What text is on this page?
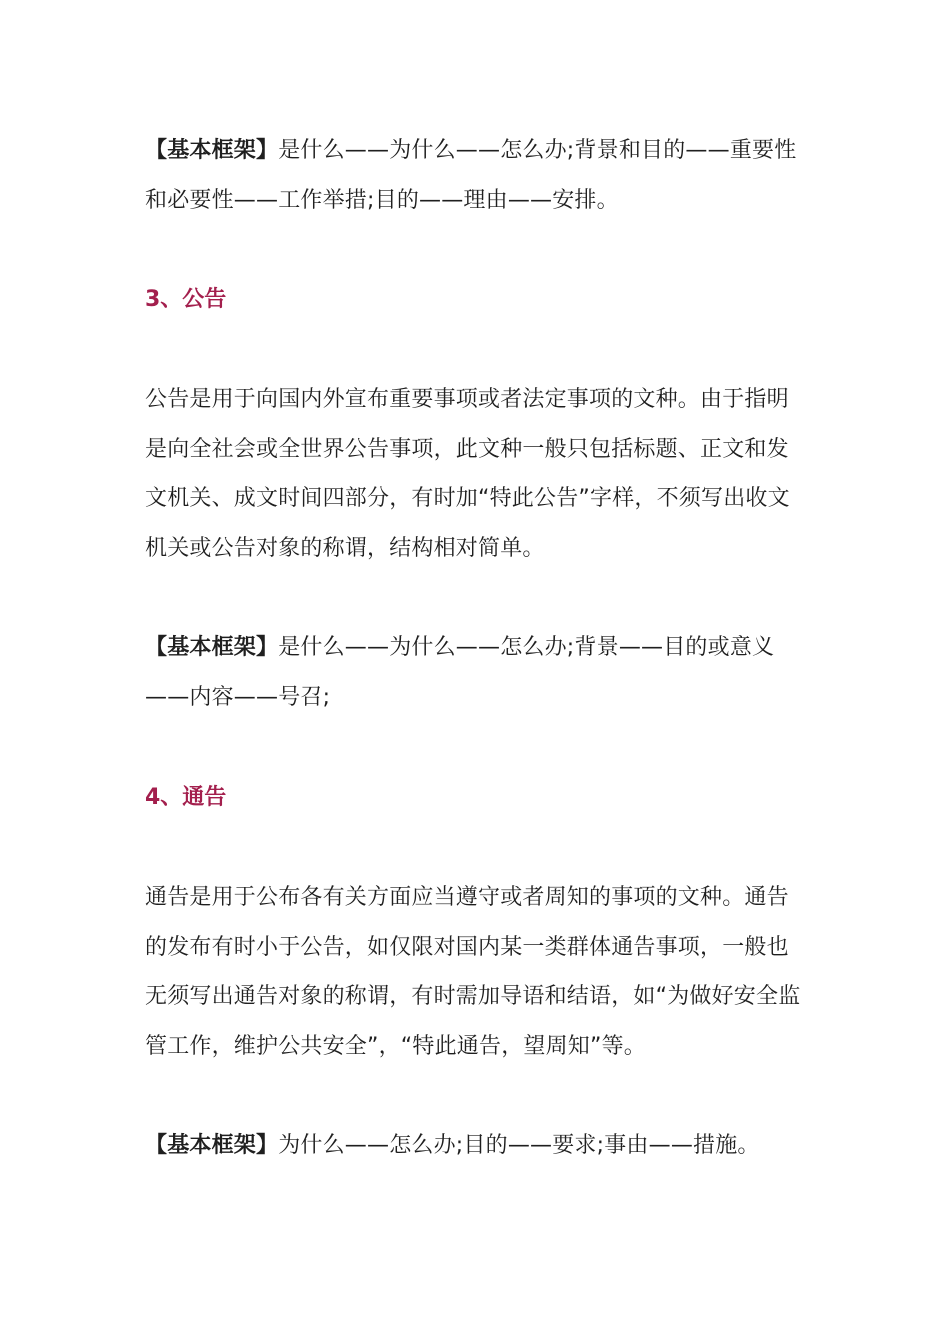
【基本框架】是什么——为什么——怎么办;背景和目的——重要性和必要性——工作举措;目的——理由——安排。

3、公告

公告是用于向国内外宣布重要事项或者法定事项的文种。由于指明是向全社会或全世界公告事项，此文种一般只包括标题、正文和发文机关、成文时间四部分，有时加“特此公告”字样，不须写出收文机关或公告对象的称谓，结构相对简单。

【基本框架】是什么——为什么——怎么办;背景——目的或意义——内容——号召;

4、通告

通告是用于公布各有关方面应当遵守或者周知的事项的文种。通告的发布有时小于公告，如仅限对国内某一类群体通告事项，一般也无须写出通告对象的称谓，有时需加导语和结语，如“为做好安全监管工作，维护公共安全”，“特此通告，望周知”等。

【基本框架】为什么——怎么办;目的——要求;事由——措施。
